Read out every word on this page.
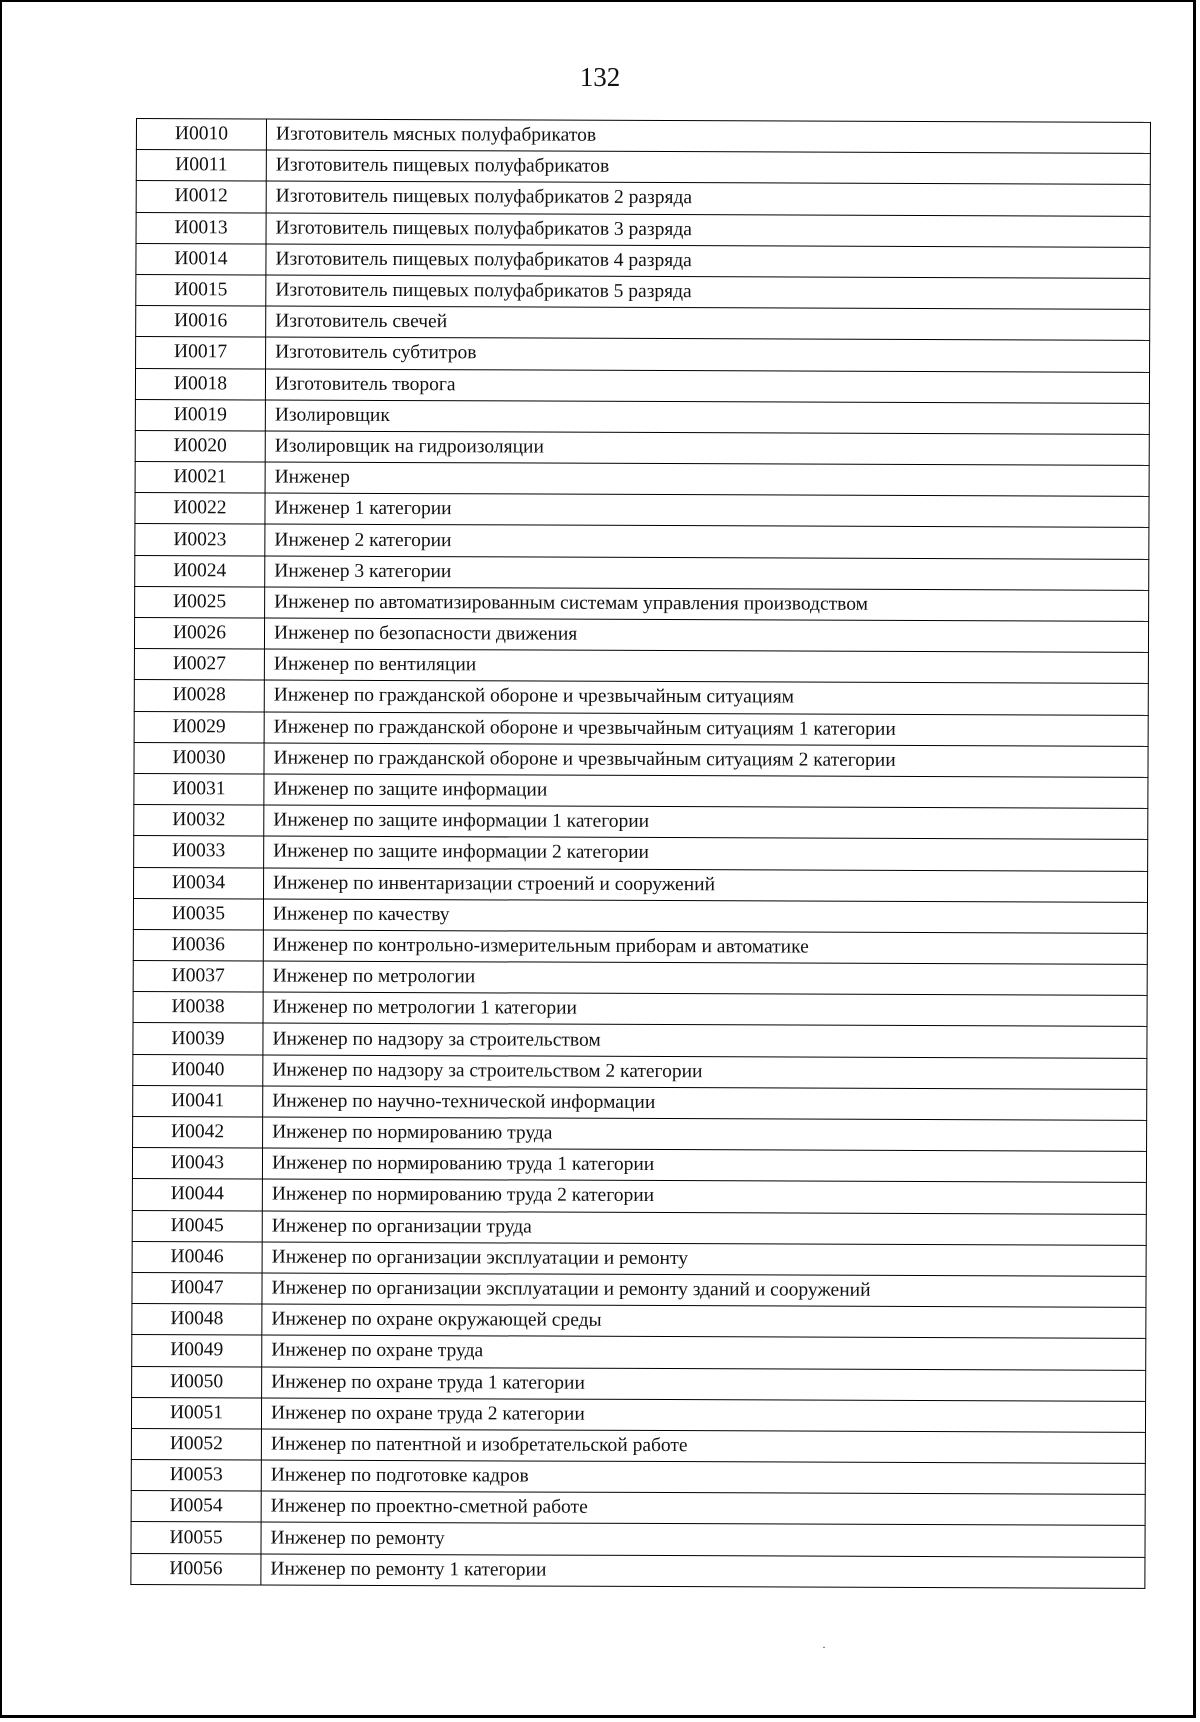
132
И0010	Изготовитель мясных полуфабрикатов
И0011	Изготовитель пищевых полуфабрикатов
И0012	Изготовитель пищевых полуфабрикатов 2 разряда
И0013	Изготовитель пищевых полуфабрикатов 3 разряда
И0014	Изготовитель пищевых полуфабрикатов 4 разряда
И0015	Изготовитель пищевых полуфабрикатов 5 разряда
И0016	Изготовитель свечей
И0017	Изготовитель субтитров
И0018	Изготовитель творога
И0019	Изолировщик
И0020	Изолировщик на гидроизоляции
И0021	Инженер
И0022	Инженер 1 категории
И0023	Инженер 2 категории
И0024	Инженер 3 категории
И0025	Инженер по автоматизированным системам управления производством
И0026	Инженер по безопасности движения
И0027	Инженер по вентиляции
И0028	Инженер по гражданской обороне и чрезвычайным ситуациям
И0029	Инженер по гражданской обороне и чрезвычайным ситуациям 1 категории
И0030	Инженер по гражданской обороне и чрезвычайным ситуациям 2 категории
И0031	Инженер по защите информации
И0032	Инженер по защите информации 1 категории
И0033	Инженер по защите информации 2 категории
И0034	Инженер по инвентаризации строений и сооружений
И0035	Инженер по качеству
И0036	Инженер по контрольно-измерительным приборам и автоматике
И0037	Инженер по метрологии
И0038	Инженер по метрологии 1 категории
И0039	Инженер по надзору за строительством
И0040	Инженер по надзору за строительством 2 категории
И0041	Инженер по научно-технической информации
И0042	Инженер по нормированию труда
И0043	Инженер по нормированию труда 1 категории
И0044	Инженер по нормированию труда 2 категории
И0045	Инженер по организации труда
И0046	Инженер по организации эксплуатации и ремонту
И0047	Инженер по организации эксплуатации и ремонту зданий и сооружений
И0048	Инженер по охране окружающей среды
И0049	Инженер по охране труда
И0050	Инженер по охране труда 1 категории
И0051	Инженер по охране труда 2 категории
И0052	Инженер по патентной и изобретательской работе
И0053	Инженер по подготовке кадров
И0054	Инженер по проектно-сметной работе
И0055	Инженер по ремонту
И0056	Инженер по ремонту 1 категории
·
